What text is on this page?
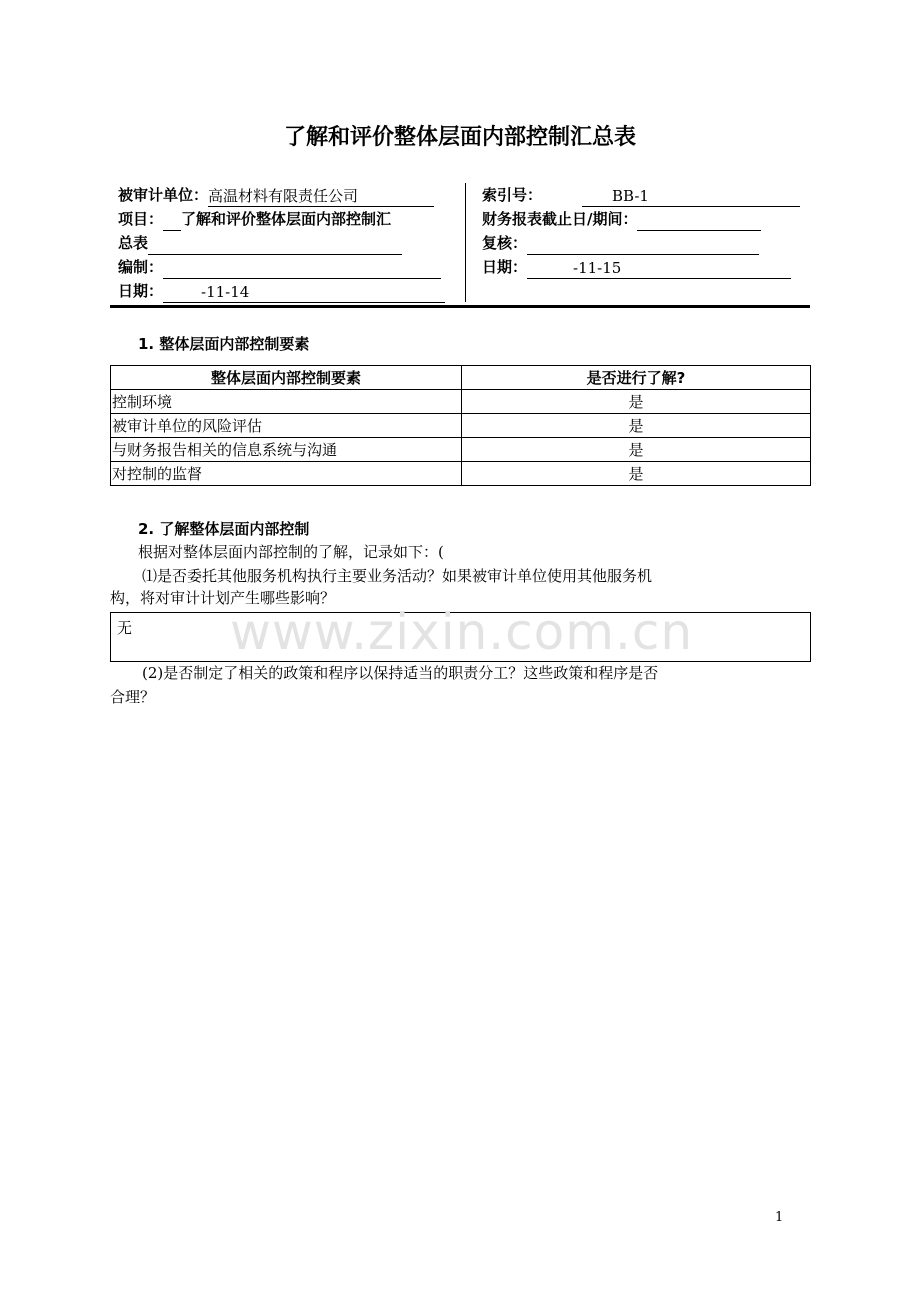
了解和评价整体层面内部控制汇总表
被审计单位：高温材料有限责任公司
项目： 了解和评价整体层面内部控制汇
总表
编制：
日期：	-11-14
索引号：	BB-1
财务报表截止日/期间：
复核：
日期：	-11-15
1. 整体层面内部控制要素
整体层面内部控制要素	是否进行了解?
控制环境	是
被审计单位的风险评估	是
与财务报告相关的信息系统与沟通	是
对控制的监督	是
2. 了解整体层面内部控制
根据对整体层面内部控制的了解，记录如下：(
⑴是否委托其他服务机构执行主要业务活动？如果被审计单位使用其他服务机
构，将对审计计划产生哪些影响？
无 www.zixin.com.cn
(2)是否制定了相关的政策和程序以保持适当的职责分工？这些政策和程序是否
合理？
1
